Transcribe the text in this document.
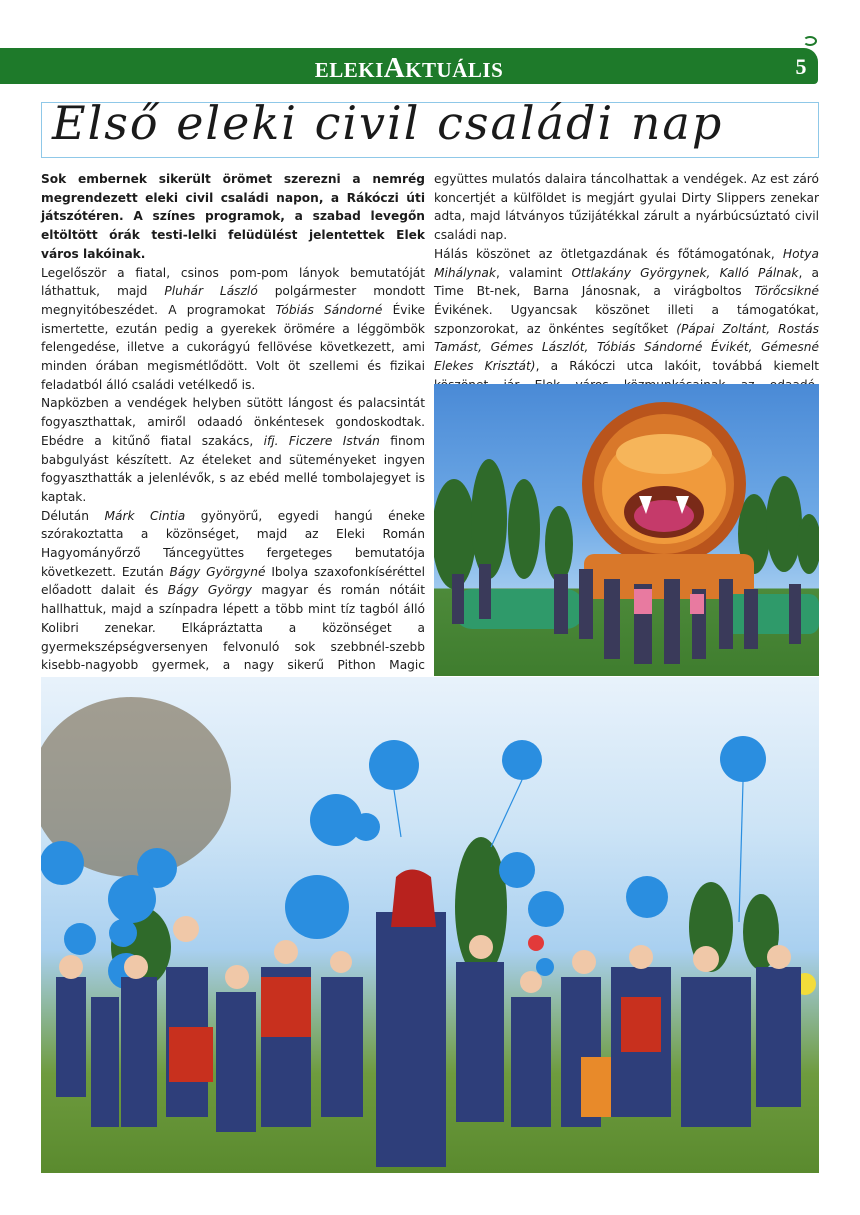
ELEKIAKTUÁLIS	5
Első eleki civil családi nap

Sok embernek sikerült örömet szerezni a nemrég megrendezett eleki civil családi napon, a Rákóczi úti játszótéren. A színes programok, a szabad levegőn eltöltött órák testi-lelki felüdülést jelentettek Elek város lakóinak.

Legelőször a fiatal, csinos pom-pom lányok bemutatóját láthattuk, majd Pluhár László polgármester mondott megnyitóbeszédet. A programokat Tóbiás Sándorné Évike ismertette, ezután pedig a gyerekek örömére a léggömbök felengedése, illetve a cukorágyú fellövése következett, ami minden órában megismétlődött. Volt öt szellemi és fizikai feladatból álló családi vetélkedő is.

Napközben a vendégek helyben sütött lángost és palacsintát fogyaszthattak, amiről odaadó önkéntesek gondoskodtak. Ebédre a kitűnő fiatal szakács, ifj. Ficzere István finom babgulyást készített. Az ételeket and süteményeket ingyen fogyaszthatták a jelenlévők, s az ebéd mellé tombolajegyet is kaptak.

Délután Márk Cintia gyönyörű, egyedi hangú éneke szórakoztatta a közönséget, majd az Eleki Román Hagyományőrző Táncegyüttes fergeteges bemutatója következett. Ezután Bágy Györgyné Ibolya szaxofonkíséréttel előadott dalait és Bágy György magyar és román nótáit hallhattuk, majd a színpadra lépett a több mint tíz tagból álló Kolibri zenekar. Elkápráztatta a közönséget a gyermekszépségversenyen felvonuló sok szebbnél-szebb kisebb-nagyobb gyermek, a nagy sikerű Pithon Magic

együttes mulatós dalaira táncolhattak a vendégek. Az est záró koncertjét a külföldet is megjárt gyulai Dirty Slippers zenekar adta, majd látványos tűzijátékkal zárult a nyárbúcsúztató civil családi nap.

Hálás köszönet az ötletgazdának és főtámogatónak, Hotya Mihálynak, valamint Ottlakány Györgynek, Kalló Pálnak, a Time Bt-nek, Barna Jánosnak, a virágboltos Törőcsikné Évikének. Ugyancsak köszönet illeti a támogatókat, szponzorokat, az önkéntes segítőket (Pápai Zoltánt, Rostás Tamást, Gémes Lászlót, Tóbiás Sándorné Évikét, Gémesné Elekes Krisztát), a Rákóczi utca lakóit, továbbá kiemelt
